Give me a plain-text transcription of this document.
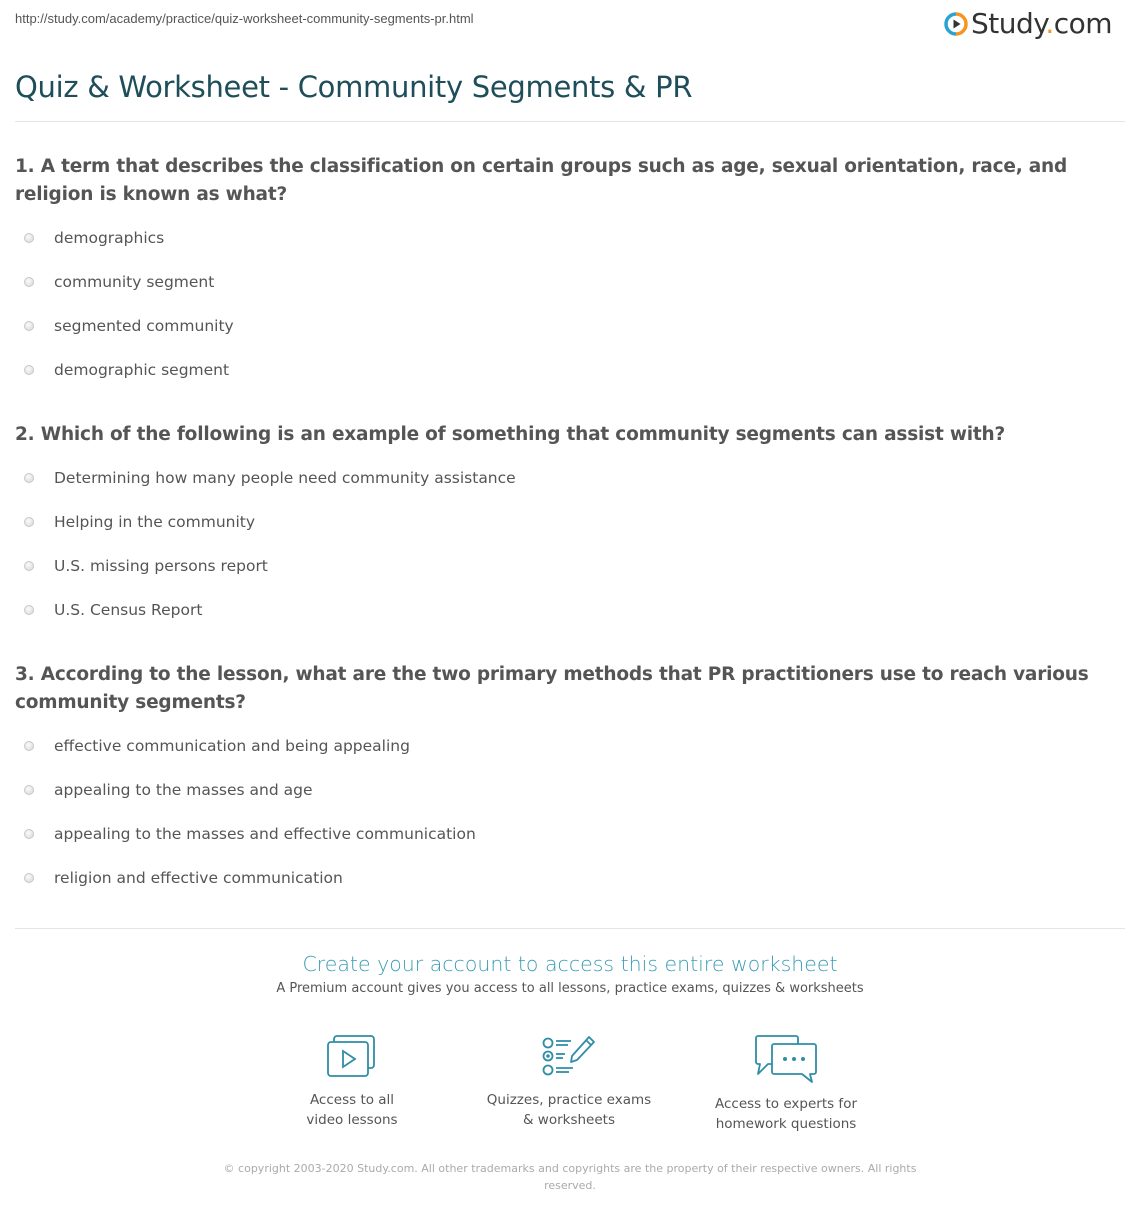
http://study.com/academy/practice/quiz-worksheet-community-segments-pr.html	Study.com
Quiz & Worksheet - Community Segments & PR

1. A term that describes the classification on certain groups such as age, sexual orientation, race, and religion is known as what?

demographics
community segment
segmented community
demographic segment

2. Which of the following is an example of something that community segments can assist with?

Determining how many people need community assistance
Helping in the community
U.S. missing persons report
U.S. Census Report

3. According to the lesson, what are the two primary methods that PR practitioners use to reach various community segments?

effective communication and being appealing
appealing to the masses and age
appealing to the masses and effective communication
religion and effective communication

Create your account to access this entire worksheet

A Premium account gives you access to all lessons, practice exams, quizzes & worksheets
Access to all
video lessons
Quizzes, practice exams
& worksheets
Access to experts for
homework questions
© copyright 2003-2020 Study.com. All other trademarks and copyrights are the property of their respective owners. All rights
reserved.
